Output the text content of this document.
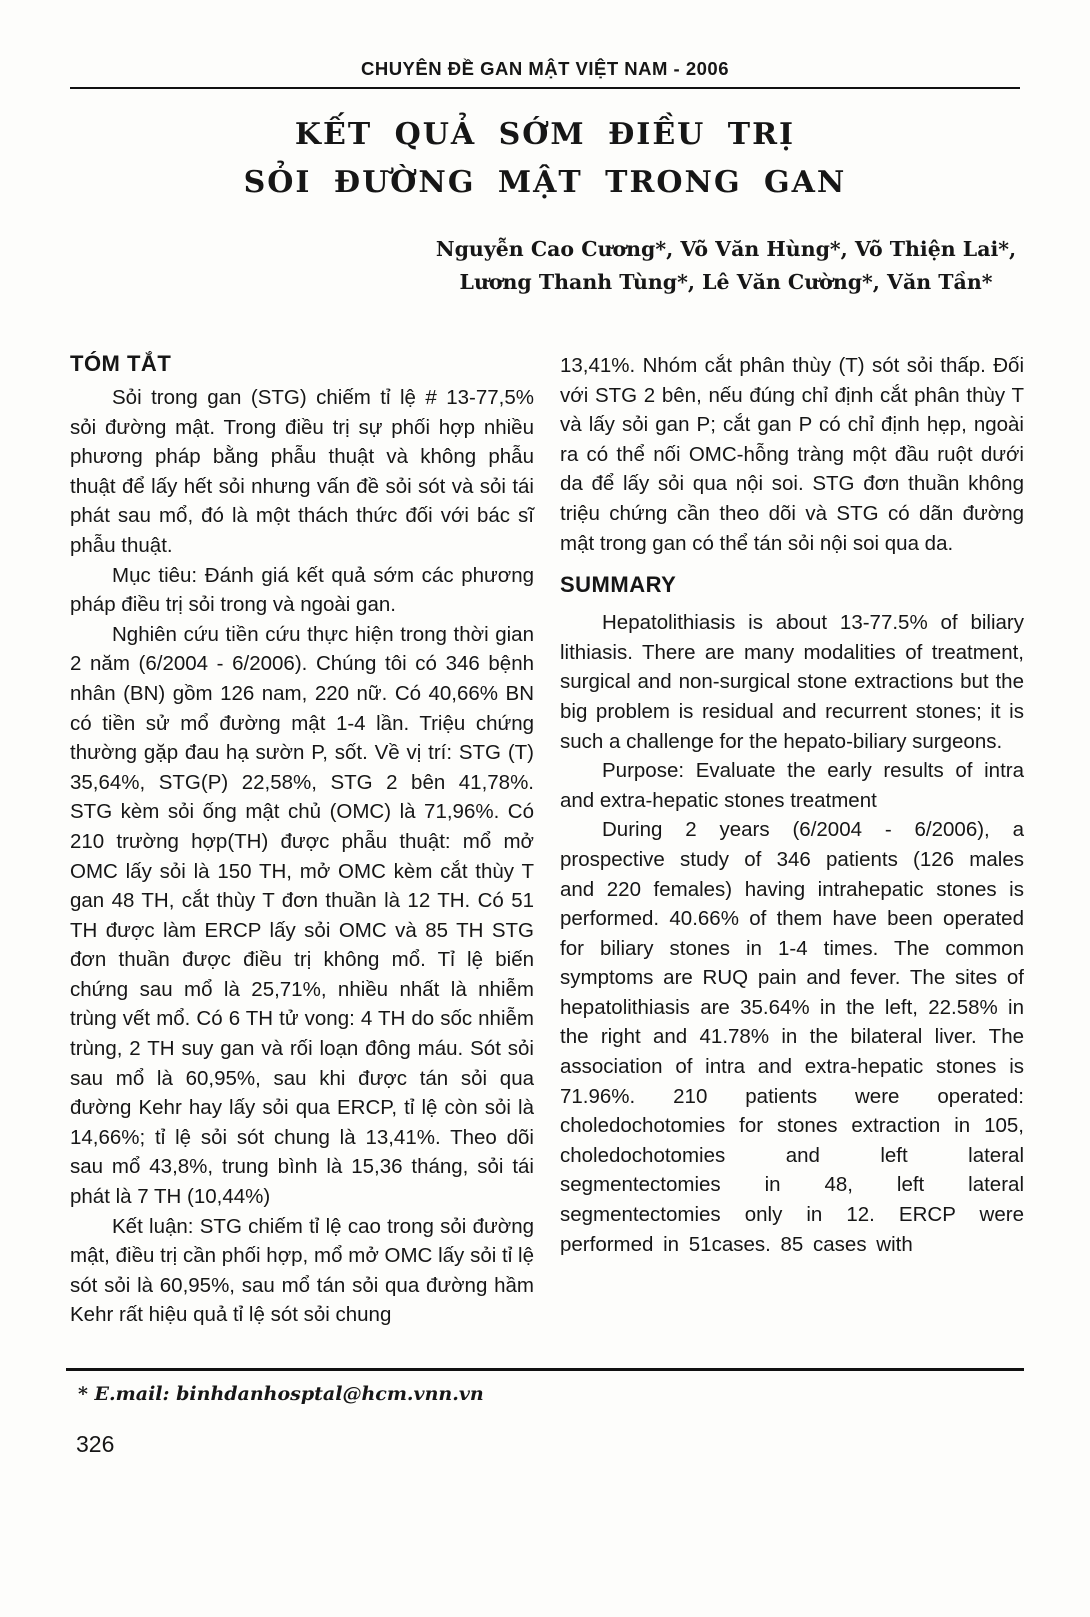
CHUYÊN ĐỀ GAN MẬT VIỆT NAM - 2006
KẾT QUẢ SỚM ĐIỀU TRỊ
SỎI ĐƯỜNG MẬT TRONG GAN
Nguyễn Cao Cương*, Võ Văn Hùng*, Võ Thiện Lai*,
Lương Thanh Tùng*, Lê Văn Cường*, Văn Tần*
TÓM TẮT

Sỏi trong gan (STG) chiếm tỉ lệ # 13-77,5% sỏi đường mật. Trong điều trị sự phối hợp nhiều phương pháp bằng phẫu thuật và không phẫu thuật để lấy hết sỏi nhưng vấn đề sỏi sót và sỏi tái phát sau mổ, đó là một thách thức đối với bác sĩ phẫu thuật.

Mục tiêu: Đánh giá kết quả sớm các phương pháp điều trị sỏi trong và ngoài gan.

Nghiên cứu tiền cứu thực hiện trong thời gian 2 năm (6/2004 - 6/2006). Chúng tôi có 346 bệnh nhân (BN) gồm 126 nam, 220 nữ. Có 40,66% BN có tiền sử mổ đường mật 1-4 lần. Triệu chứng thường gặp đau hạ sườn P, sốt. Về vị trí: STG (T) 35,64%, STG(P) 22,58%, STG 2 bên 41,78%. STG kèm sỏi ống mật chủ (OMC) là 71,96%. Có 210 trường hợp(TH) được phẫu thuật: mổ mở OMC lấy sỏi là 150 TH, mở OMC kèm cắt thùy T gan 48 TH, cắt thùy T đơn thuần là 12 TH. Có 51 TH được làm ERCP lấy sỏi OMC và 85 TH STG đơn thuần được điều trị không mổ. Tỉ lệ biến chứng sau mổ là 25,71%, nhiều nhất là nhiễm trùng vết mổ. Có 6 TH tử vong: 4 TH do sốc nhiễm trùng, 2 TH suy gan và rối loạn đông máu. Sót sỏi sau mổ là 60,95%, sau khi được tán sỏi qua đường Kehr hay lấy sỏi qua ERCP, tỉ lệ còn sỏi là 14,66%; tỉ lệ sỏi sót chung là 13,41%. Theo dõi sau mổ 43,8%, trung bình là 15,36 tháng, sỏi tái phát là 7 TH (10,44%)

Kết luận: STG chiếm tỉ lệ cao trong sỏi đường mật, điều trị cần phối hợp, mổ mở OMC lấy sỏi tỉ lệ sót sỏi là 60,95%, sau mổ tán sỏi qua đường hầm Kehr rất hiệu quả tỉ lệ sót sỏi chung

13,41%. Nhóm cắt phân thùy (T) sót sỏi thấp. Đối với STG 2 bên, nếu đúng chỉ định cắt phân thùy T và lấy sỏi gan P; cắt gan P có chỉ định hẹp, ngoài ra có thể nối OMC-hỗng tràng một đầu ruột dưới da để lấy sỏi qua nội soi. STG đơn thuần không triệu chứng cần theo dõi và STG có dãn đường mật trong gan có thể tán sỏi nội soi qua da.

SUMMARY

Hepatolithiasis is about 13-77.5% of biliary lithiasis. There are many modalities of treatment, surgical and non-surgical stone extractions but the big problem is residual and recurrent stones; it is such a challenge for the hepato-biliary surgeons.

Purpose: Evaluate the early results of intra and extra-hepatic stones treatment

During 2 years (6/2004 - 6/2006), a prospective study of 346 patients (126 males and 220 females) having intrahepatic stones is performed. 40.66% of them have been operated for biliary stones in 1-4 times. The common symptoms are RUQ pain and fever. The sites of hepatolithiasis are 35.64% in the left, 22.58% in the right and 41.78% in the bilateral liver. The association of intra and extra-hepatic stones is 71.96%. 210 patients were operated: choledochotomies for stones extraction in 105, choledochotomies and left lateral segmentectomies in 48, left lateral segmentectomies only in 12. ERCP were performed in 51cases. 85 cases with

* E.mail: binhdanhosptal@hcm.vnn.vn
326
